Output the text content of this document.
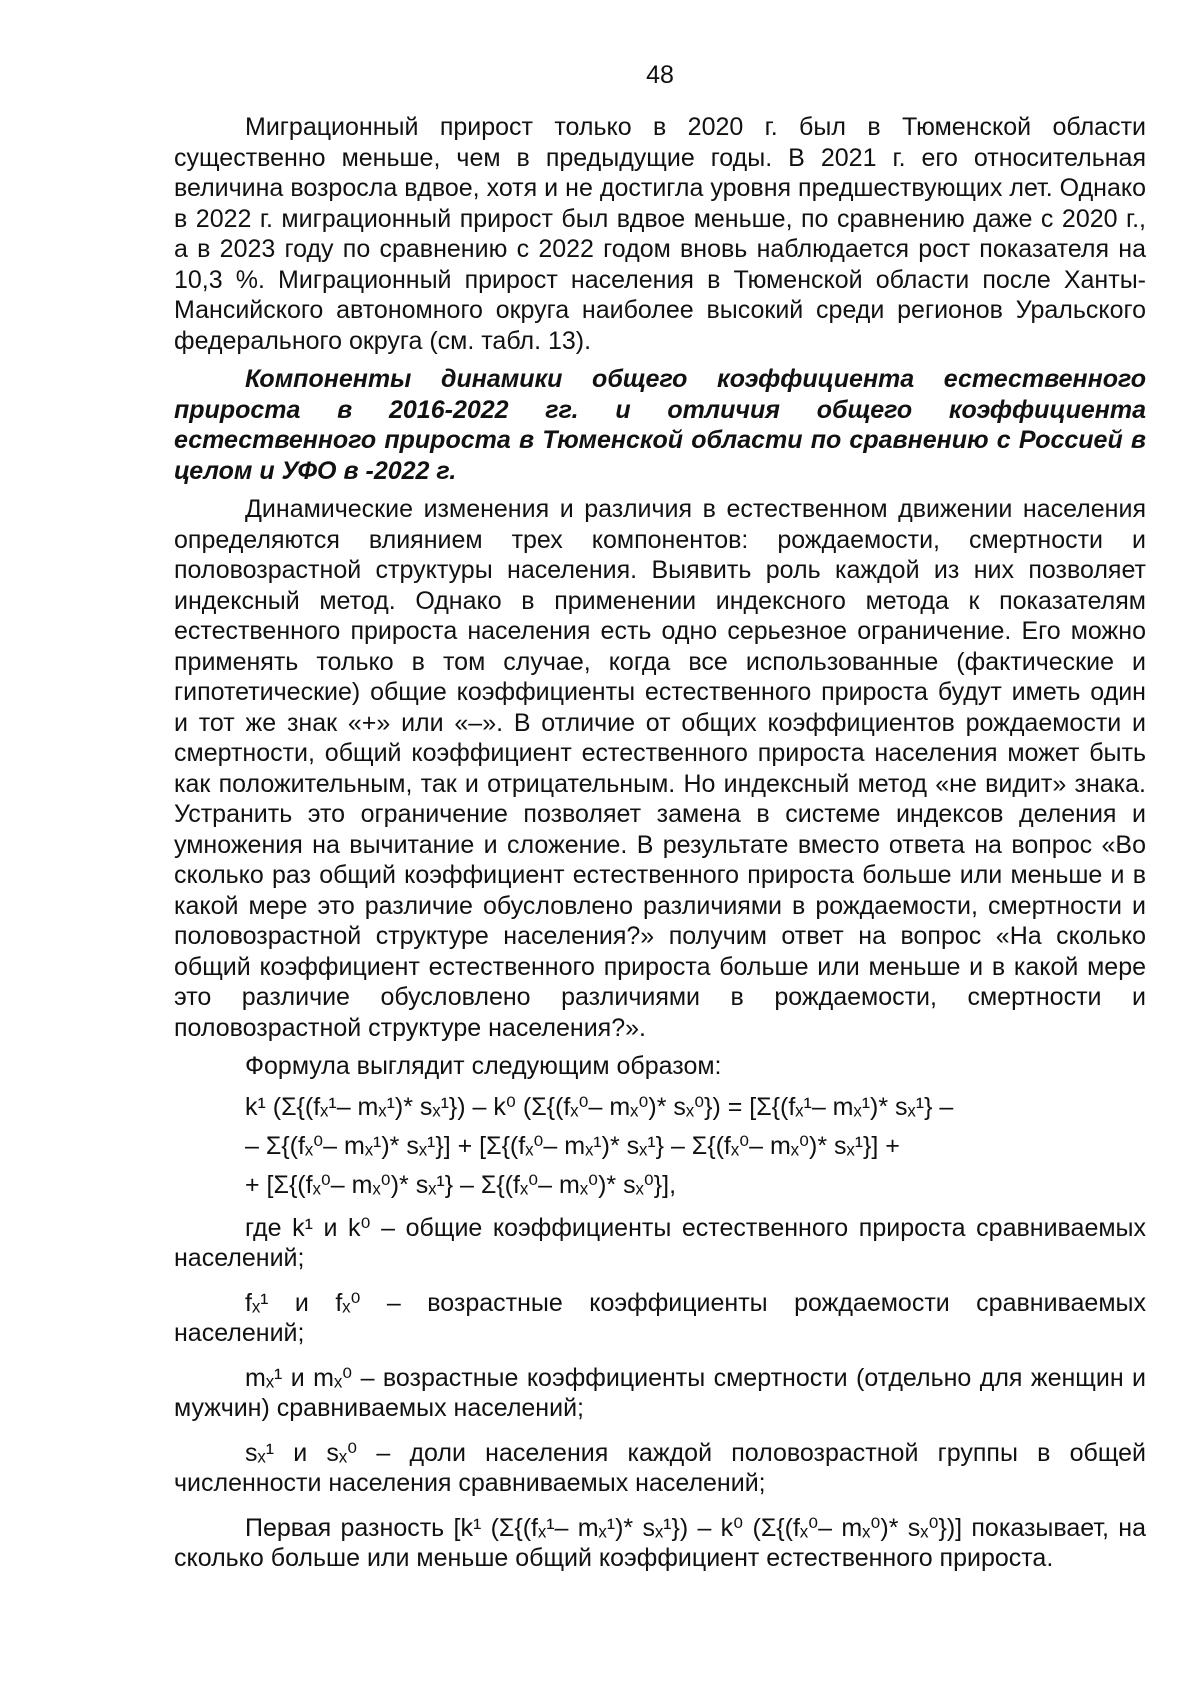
48

Миграционный прирост только в 2020 г. был в Тюменской области существенно меньше, чем в предыдущие годы. В 2021 г. его относительная величина возросла вдвое, хотя и не достигла уровня предшествующих лет. Однако в 2022 г. миграционный прирост был вдвое меньше, по сравнению даже с 2020 г., а в 2023 году по сравнению с 2022 годом вновь наблюдается рост показателя на 10,3 %. Миграционный прирост населения в Тюменской области после Ханты-Мансийского автономного округа наиболее высокий среди регионов Уральского федерального округа (см. табл. 13).

Компоненты динамики общего коэффициента естественного прироста в 2016-2022 гг. и отличия общего коэффициента естественного прироста в Тюменской области по сравнению с Россией в целом и УФО в -2022 г.

Динамические изменения и различия в естественном движении населения определяются влиянием трех компонентов: рождаемости, смертности и половозрастной структуры населения. Выявить роль каждой из них позволяет индексный метод. Однако в применении индексного метода к показателям естественного прироста населения есть одно серьезное ограничение. Его можно применять только в том случае, когда все использованные (фактические и гипотетические) общие коэффициенты естественного прироста будут иметь один и тот же знак «+» или «–». В отличие от общих коэффициентов рождаемости и смертности, общий коэффициент естественного прироста населения может быть как положительным, так и отрицательным. Но индексный метод «не видит» знака. Устранить это ограничение позволяет замена в системе индексов деления и умножения на вычитание и сложение. В результате вместо ответа на вопрос «Во сколько раз общий коэффициент естественного прироста больше или меньше и в какой мере это различие обусловлено различиями в рождаемости, смертности и половозрастной структуре населения?» получим ответ на вопрос «На сколько общий коэффициент естественного прироста больше или меньше и в какой мере это различие обусловлено различиями в рождаемости, смертности и половозрастной структуре населения?».

Формула выглядит следующим образом:

k¹ (Σ{(fₓ¹– mₓ¹)* sₓ¹}) – k⁰ (Σ{(fₓ⁰– mₓ⁰)* sₓ⁰}) = [Σ{(fₓ¹– mₓ¹)* sₓ¹} –

– Σ{(fₓ⁰– mₓ¹)* sₓ¹}] + [Σ{(fₓ⁰– mₓ¹)* sₓ¹} – Σ{(fₓ⁰– mₓ⁰)* sₓ¹}] +

+ [Σ{(fₓ⁰– mₓ⁰)* sₓ¹} – Σ{(fₓ⁰– mₓ⁰)* sₓ⁰}],

где k¹ и k⁰ – общие коэффициенты естественного прироста сравниваемых населений;

fₓ¹ и fₓ⁰ – возрастные коэффициенты рождаемости сравниваемых населений;

mₓ¹ и mₓ⁰ – возрастные коэффициенты смертности (отдельно для женщин и мужчин) сравниваемых населений;

sₓ¹ и sₓ⁰ – доли населения каждой половозрастной группы в общей численности населения сравниваемых населений;

Первая разность [k¹ (Σ{(fₓ¹– mₓ¹)* sₓ¹}) – k⁰ (Σ{(fₓ⁰– mₓ⁰)* sₓ⁰})] показывает, на сколько больше или меньше общий коэффициент естественного прироста.
